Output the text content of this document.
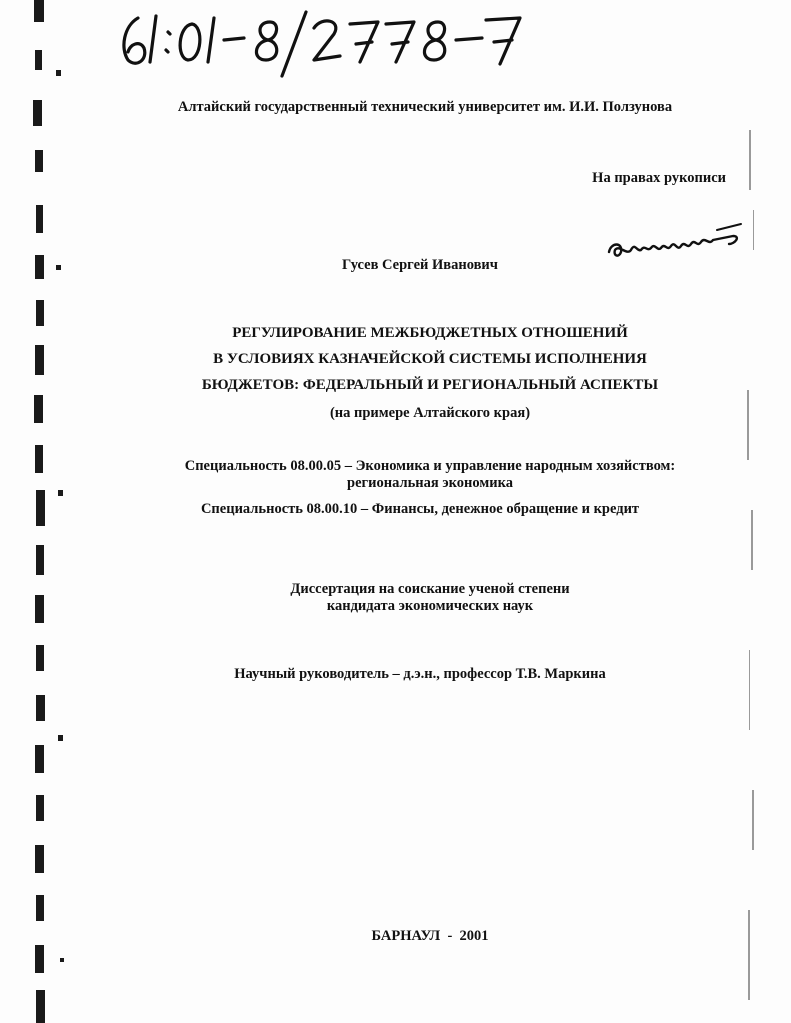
Алтайский государственный технический университет им. И.И. Ползунова
На правах рукописи
Гусев Сергей Иванович
РЕГУЛИРОВАНИЕ МЕЖБЮДЖЕТНЫХ ОТНОШЕНИЙ
В УСЛОВИЯХ КАЗНАЧЕЙСКОЙ СИСТЕМЫ ИСПОЛНЕНИЯ
БЮДЖЕТОВ: ФЕДЕРАЛЬНЫЙ И РЕГИОНАЛЬНЫЙ АСПЕКТЫ
(на примере Алтайского края)
Специальность 08.00.05 – Экономика и управление народным хозяйством:
региональная экономика
Специальность 08.00.10 – Финансы, денежное обращение и кредит
Диссертация на соискание ученой степени
кандидата экономических наук
Научный руководитель – д.э.н., профессор Т.В. Маркина
БАРНАУЛ  -  2001
